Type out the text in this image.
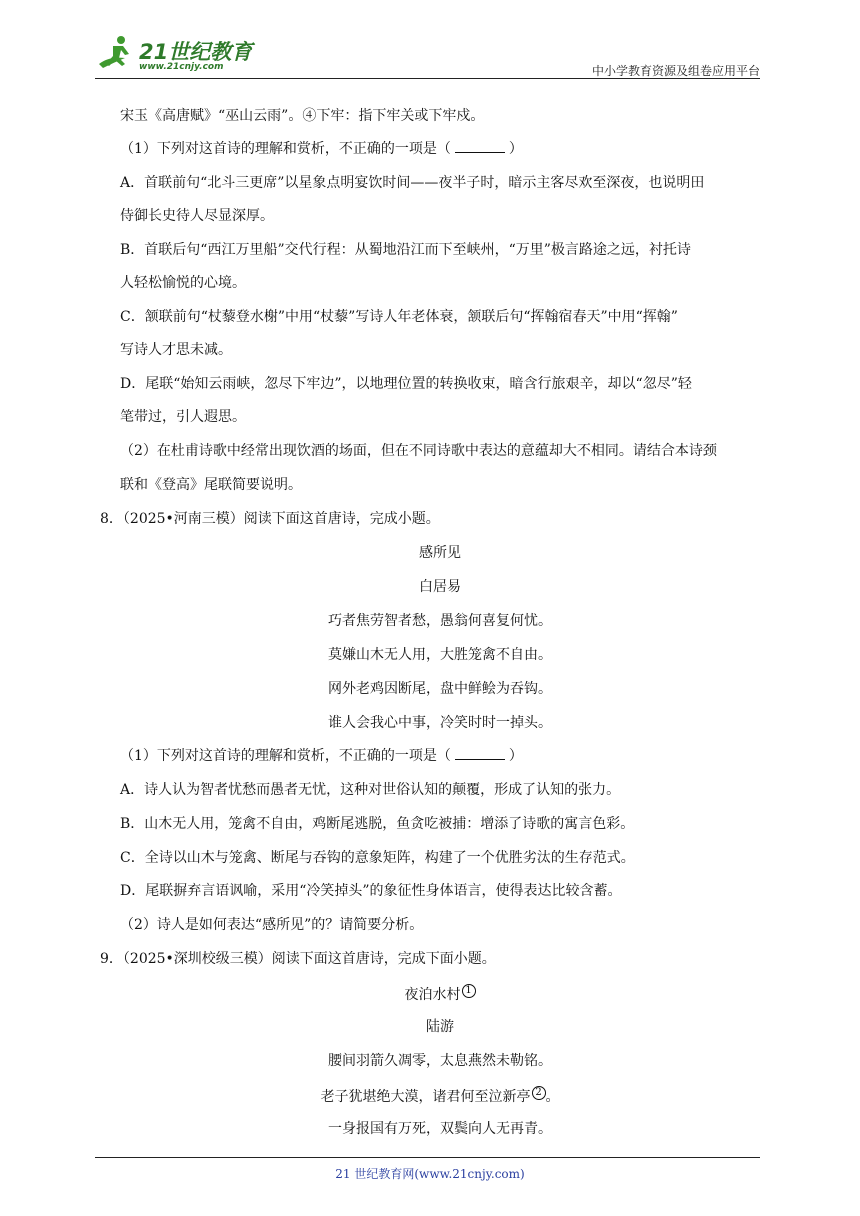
21世纪教育
www.21cnjy.com	中小学教育资源及组卷应用平台
宋玉《高唐赋》“巫山云雨”。④下牢：指下牢关或下牢戍。
（1）下列对这首诗的理解和赏析，不正确的一项是（	）
A．首联前句“北斗三更席”以星象点明宴饮时间——夜半子时，暗示主客尽欢至深夜，也说明田
侍御长史待人尽显深厚。
B．首联后句“西江万里船”交代行程：从蜀地沿江而下至峡州，“万里”极言路途之远，衬托诗
人轻松愉悦的心境。
C．颔联前句“杖藜登水榭”中用“杖藜”写诗人年老体衰，颔联后句“挥翰宿春天”中用“挥翰”
写诗人才思未减。
D．尾联“始知云雨峡，忽尽下牢边”，以地理位置的转换收束，暗含行旅艰辛，却以“忽尽”轻
笔带过，引人遐思。
（2）在杜甫诗歌中经常出现饮酒的场面，但在不同诗歌中表达的意蕴却大不相同。请结合本诗颈
联和《登高》尾联简要说明。
8．（2025•河南三模）阅读下面这首唐诗，完成小题。
感所见
白居易
巧者焦劳智者愁，愚翁何喜复何忧。
莫嫌山木无人用，大胜笼禽不自由。
网外老鸡因断尾，盘中鲜鲙为吞钩。
谁人会我心中事，冷笑时时一掉头。
（1）下列对这首诗的理解和赏析，不正确的一项是（	）
A．诗人认为智者忧愁而愚者无忧，这种对世俗认知的颠覆，形成了认知的张力。
B．山木无人用，笼禽不自由，鸡断尾逃脱，鱼贪吃被捕：增添了诗歌的寓言色彩。
C．全诗以山木与笼禽、断尾与吞钩的意象矩阵，构建了一个优胜劣汰的生存范式。
D．尾联摒弃言语讽喻，采用“冷笑掉头”的象征性身体语言，使得表达比较含蓄。
（2）诗人是如何表达“感所见”的？请简要分析。
9．（2025•深圳校级三模）阅读下面这首唐诗，完成下面小题。
夜泊水村 1
陆游
腰间羽箭久凋零，太息燕然未勒铭。
老子犹堪绝大漠，诸君何至泣新亭 2 。
一身报国有万死，双鬓向人无再青。
21 世纪教育网(www.21cnjy.com)
